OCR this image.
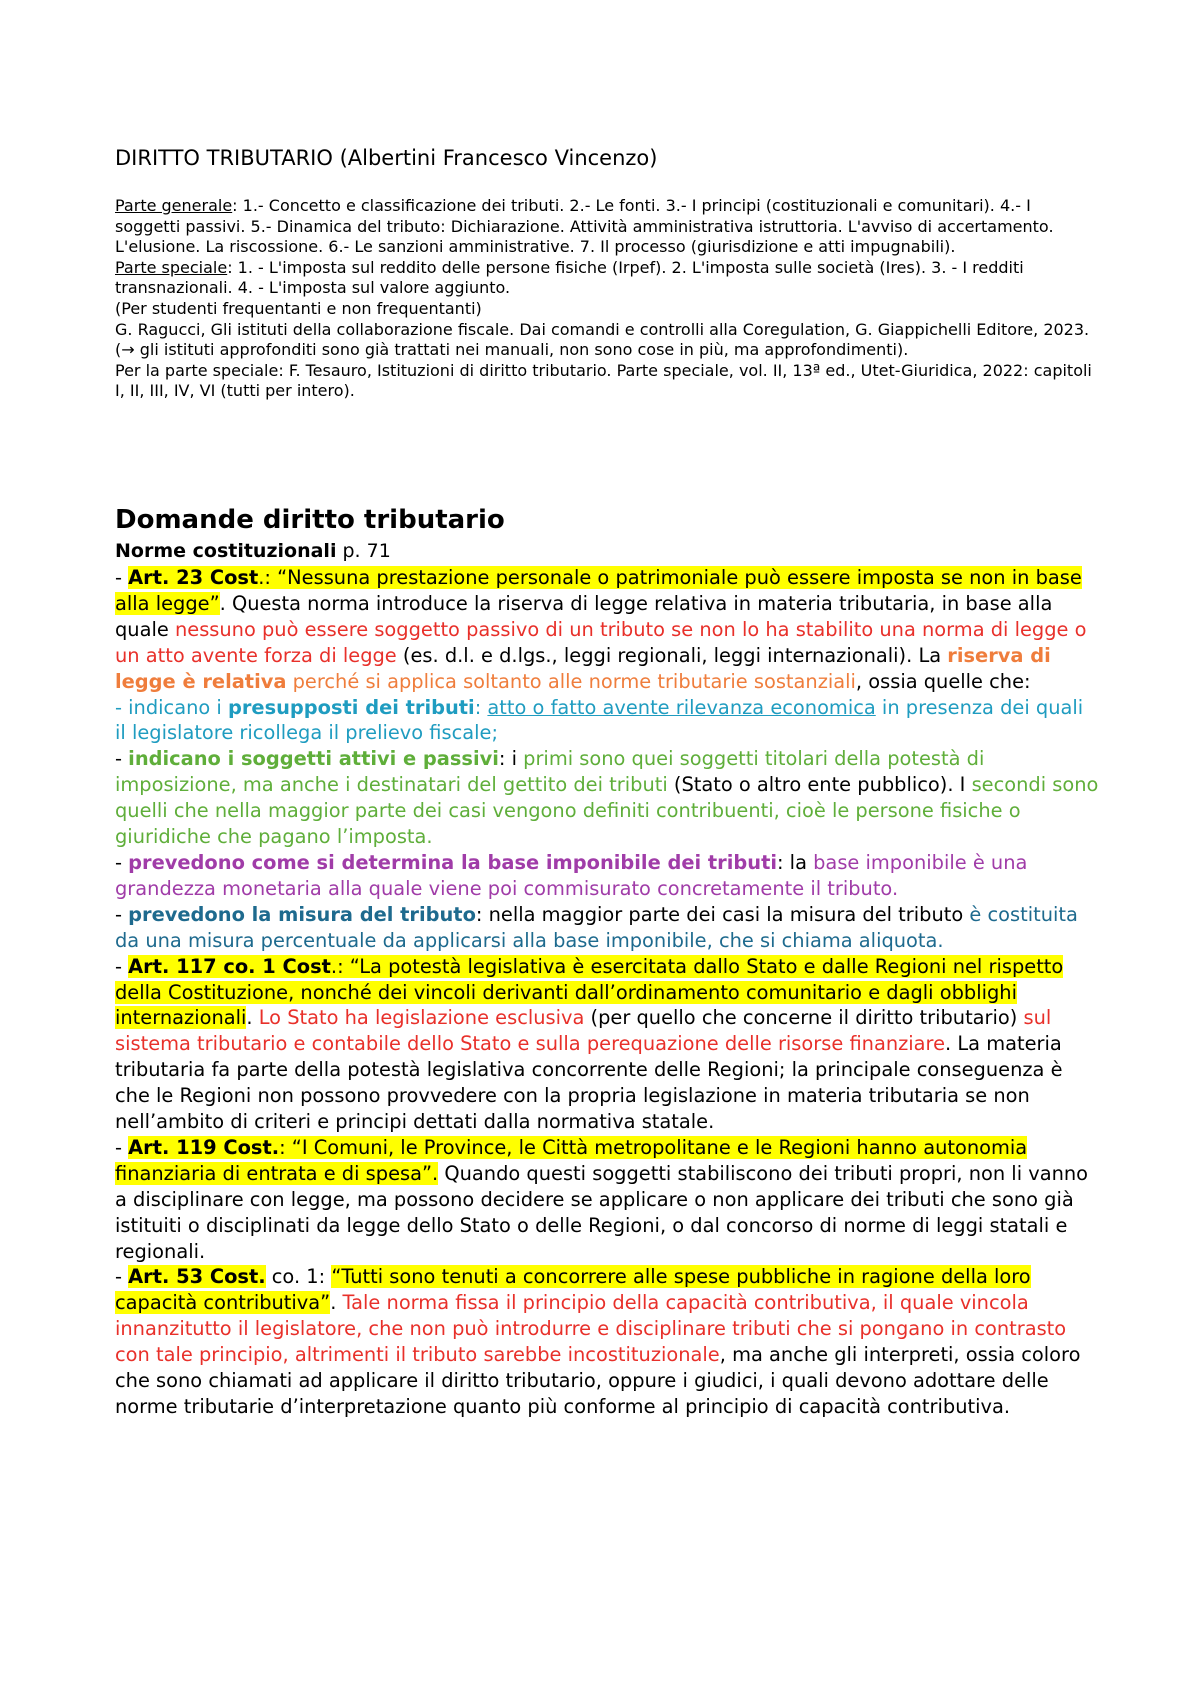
DIRITTO TRIBUTARIO (Albertini Francesco Vincenzo)

Parte generale: 1.- Concetto e classificazione dei tributi. 2.- Le fonti. 3.- I principi (costituzionali e comunitari). 4.- I soggetti passivi. 5.- Dinamica del tributo: Dichiarazione. Attività amministrativa istruttoria. L'avviso di accertamento. L'elusione. La riscossione. 6.- Le sanzioni amministrative. 7. Il processo (giurisdizione e atti impugnabili).

Parte speciale: 1. - L'imposta sul reddito delle persone fisiche (Irpef). 2. L'imposta sulle società (Ires). 3. - I redditi transnazionali. 4. - L'imposta sul valore aggiunto.

(Per studenti frequentanti e non frequentanti)

G. Ragucci, Gli istituti della collaborazione fiscale. Dai comandi e controlli alla Coregulation, G. Giappichelli Editore, 2023. (→ gli istituti approfonditi sono già trattati nei manuali, non sono cose in più, ma approfondimenti).

Per la parte speciale: F. Tesauro, Istituzioni di diritto tributario. Parte speciale, vol. II, 13ª ed., Utet-Giuridica, 2022: capitoli I, II, III, IV, VI (tutti per intero).

Domande diritto tributario
Norme costituzionali p. 71

- Art. 23 Cost.: “Nessuna prestazione personale o patrimoniale può essere imposta se non in base alla legge”. Questa norma introduce la riserva di legge relativa in materia tributaria, in base alla quale nessuno può essere soggetto passivo di un tributo se non lo ha stabilito una norma di legge o un atto avente forza di legge (es. d.l. e d.lgs., leggi regionali, leggi internazionali). La riserva di legge è relativa perché si applica soltanto alle norme tributarie sostanziali, ossia quelle che:

- indicano i presupposti dei tributi: atto o fatto avente rilevanza economica in presenza dei quali il legislatore ricollega il prelievo fiscale;

- indicano i soggetti attivi e passivi: i primi sono quei soggetti titolari della potestà di imposizione, ma anche i destinatari del gettito dei tributi (Stato o altro ente pubblico). I secondi sono quelli che nella maggior parte dei casi vengono definiti contribuenti, cioè le persone fisiche o giuridiche che pagano l’imposta.

- prevedono come si determina la base imponibile dei tributi: la base imponibile è una grandezza monetaria alla quale viene poi commisurato concretamente il tributo.

- prevedono la misura del tributo: nella maggior parte dei casi la misura del tributo è costituita da una misura percentuale da applicarsi alla base imponibile, che si chiama aliquota.

- Art. 117 co. 1 Cost.: “La potestà legislativa è esercitata dallo Stato e dalle Regioni nel rispetto della Costituzione, nonché dei vincoli derivanti dall’ordinamento comunitario e dagli obblighi internazionali. Lo Stato ha legislazione esclusiva (per quello che concerne il diritto tributario) sul sistema tributario e contabile dello Stato e sulla perequazione delle risorse finanziare. La materia tributaria fa parte della potestà legislativa concorrente delle Regioni; la principale conseguenza è che le Regioni non possono provvedere con la propria legislazione in materia tributaria se non nell’ambito di criteri e principi dettati dalla normativa statale.

- Art. 119 Cost.: “I Comuni, le Province, le Città metropolitane e le Regioni hanno autonomia finanziaria di entrata e di spesa”. Quando questi soggetti stabiliscono dei tributi propri, non li vanno a disciplinare con legge, ma possono decidere se applicare o non applicare dei tributi che sono già istituiti o disciplinati da legge dello Stato o delle Regioni, o dal concorso di norme di leggi statali e regionali.

- Art. 53 Cost. co. 1: “Tutti sono tenuti a concorrere alle spese pubbliche in ragione della loro capacità contributiva”. Tale norma fissa il principio della capacità contributiva, il quale vincola innanzitutto il legislatore, che non può introdurre e disciplinare tributi che si pongano in contrasto con tale principio, altrimenti il tributo sarebbe incostituzionale, ma anche gli interpreti, ossia coloro che sono chiamati ad applicare il diritto tributario, oppure i giudici, i quali devono adottare delle norme tributarie d’interpretazione quanto più conforme al principio di capacità contributiva.
